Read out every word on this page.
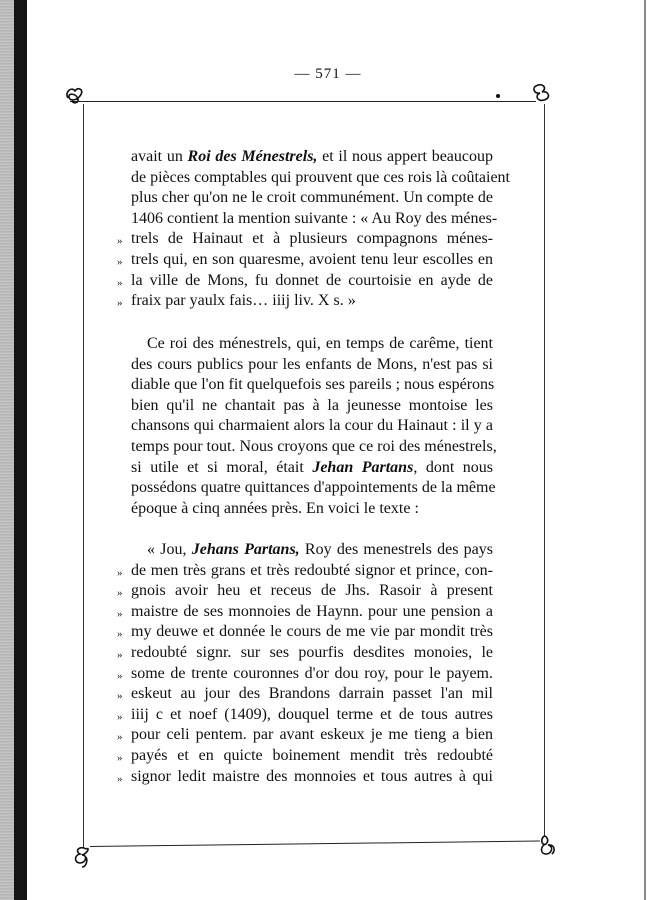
— 571 —
avait un Roi des Ménestrels, et il nous appert beaucoup
de pièces comptables qui prouvent que ces rois là coûtaient
plus cher qu'on ne le croit communément. Un compte de
1406 contient la mention suivante : « Au Roy des ménes-
» trels de Hainaut et à plusieurs compagnons ménes-
» trels qui, en son quaresme, avoient tenu leur escolles en
» la ville de Mons, fu donnet de courtoisie en ayde de
» fraix par yaulx fais… iiij liv. X s. »
Ce roi des ménestrels, qui, en temps de carême, tient
des cours publics pour les enfants de Mons, n'est pas si
diable que l'on fit quelquefois ses pareils ; nous espérons
bien qu'il ne chantait pas à la jeunesse montoise les
chansons qui charmaient alors la cour du Hainaut : il y a
temps pour tout. Nous croyons que ce roi des ménestrels,
si utile et si moral, était Jehan Partans, dont nous
possédons quatre quittances d'appointements de la même
époque à cinq années près. En voici le texte :
« Jou, Jehans Partans, Roy des menestrels des pays
» de men très grans et très redoubté signor et prince, con-
» gnois avoir heu et receus de Jhs. Rasoir à present
» maistre de ses monnoies de Haynn. pour une pension a
» my deuwe et donnée le cours de me vie par mondit très
» redoubté signr. sur ses pourfis desdites monoies, le
» some de trente couronnes d'or dou roy, pour le payem.
» eskeut au jour des Brandons darrain passet l'an mil
» iiij c et noef (1409), douquel terme et de tous autres
» pour celi pentem. par avant eskeux je me tieng a bien
» payés et en quicte boinement mendit très redoubté
» signor ledit maistre des monnoies et tous autres à qui
